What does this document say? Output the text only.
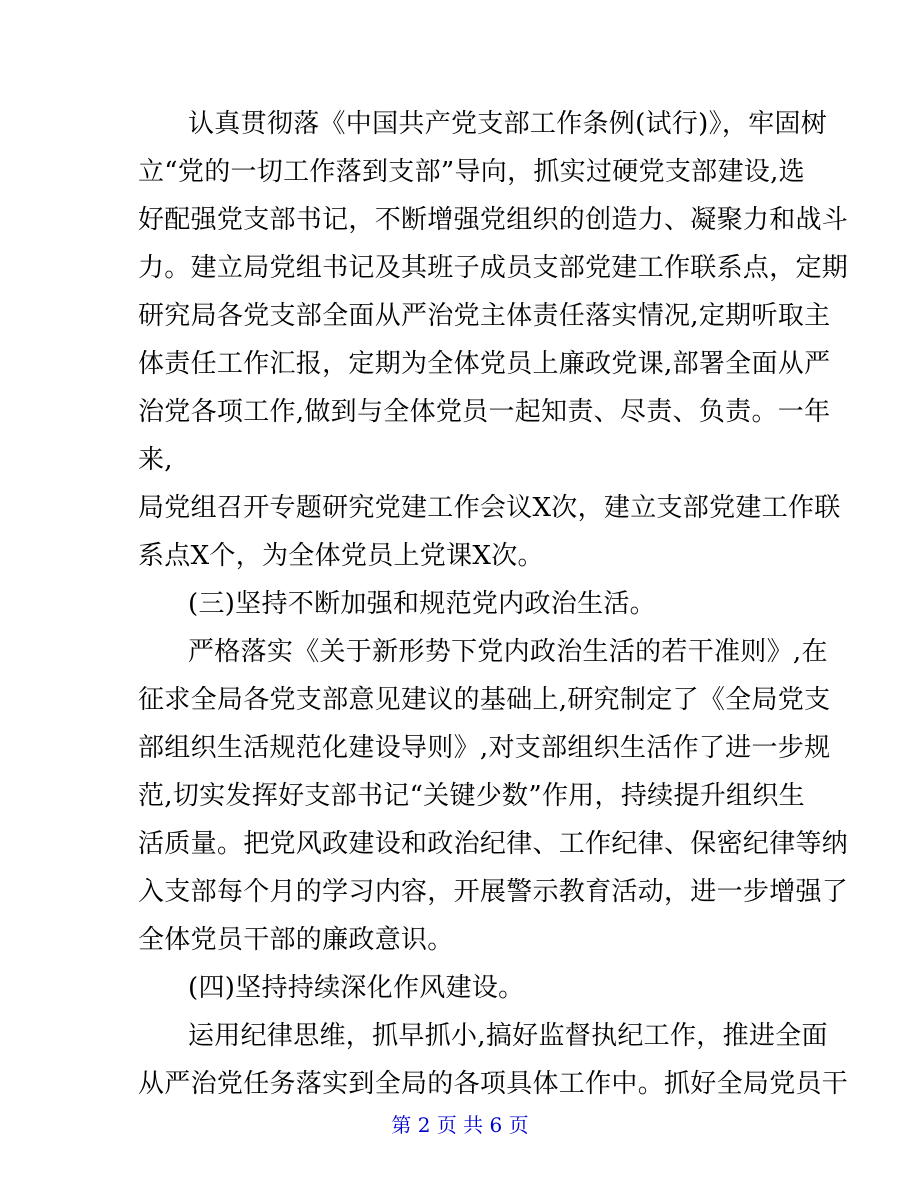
认真贯彻落《中国共产党支部工作条例(试行)》，牢固树
立“党的一切工作落到支部”导向，抓实过硬党支部建设,选
好配强党支部书记，不断增强党组织的创造力、凝聚力和战斗
力。建立局党组书记及其班子成员支部党建工作联系点，定期
研究局各党支部全面从严治党主体责任落实情况,定期听取主
体责任工作汇报，定期为全体党员上廉政党课,部署全面从严
治党各项工作,做到与全体党员一起知责、尽责、负责。一年
来,
局党组召开专题研究党建工作会议X次，建立支部党建工作联
系点X个，为全体党员上党课X次。
(三)坚持不断加强和规范党内政治生活。
严格落实《关于新形势下党内政治生活的若干准则》,在
征求全局各党支部意见建议的基础上,研究制定了《全局党支
部组织生活规范化建设导则》,对支部组织生活作了进一步规
范,切实发挥好支部书记“关键少数”作用，持续提升组织生
活质量。把党风政建设和政治纪律、工作纪律、保密纪律等纳
入支部每个月的学习内容，开展警示教育活动，进一步增强了
全体党员干部的廉政意识。
(四)坚持持续深化作风建设。
运用纪律思维，抓早抓小,搞好监督执纪工作，推进全面
从严治党任务落实到全局的各项具体工作中。抓好全局党员干
第 2 页 共 6 页
